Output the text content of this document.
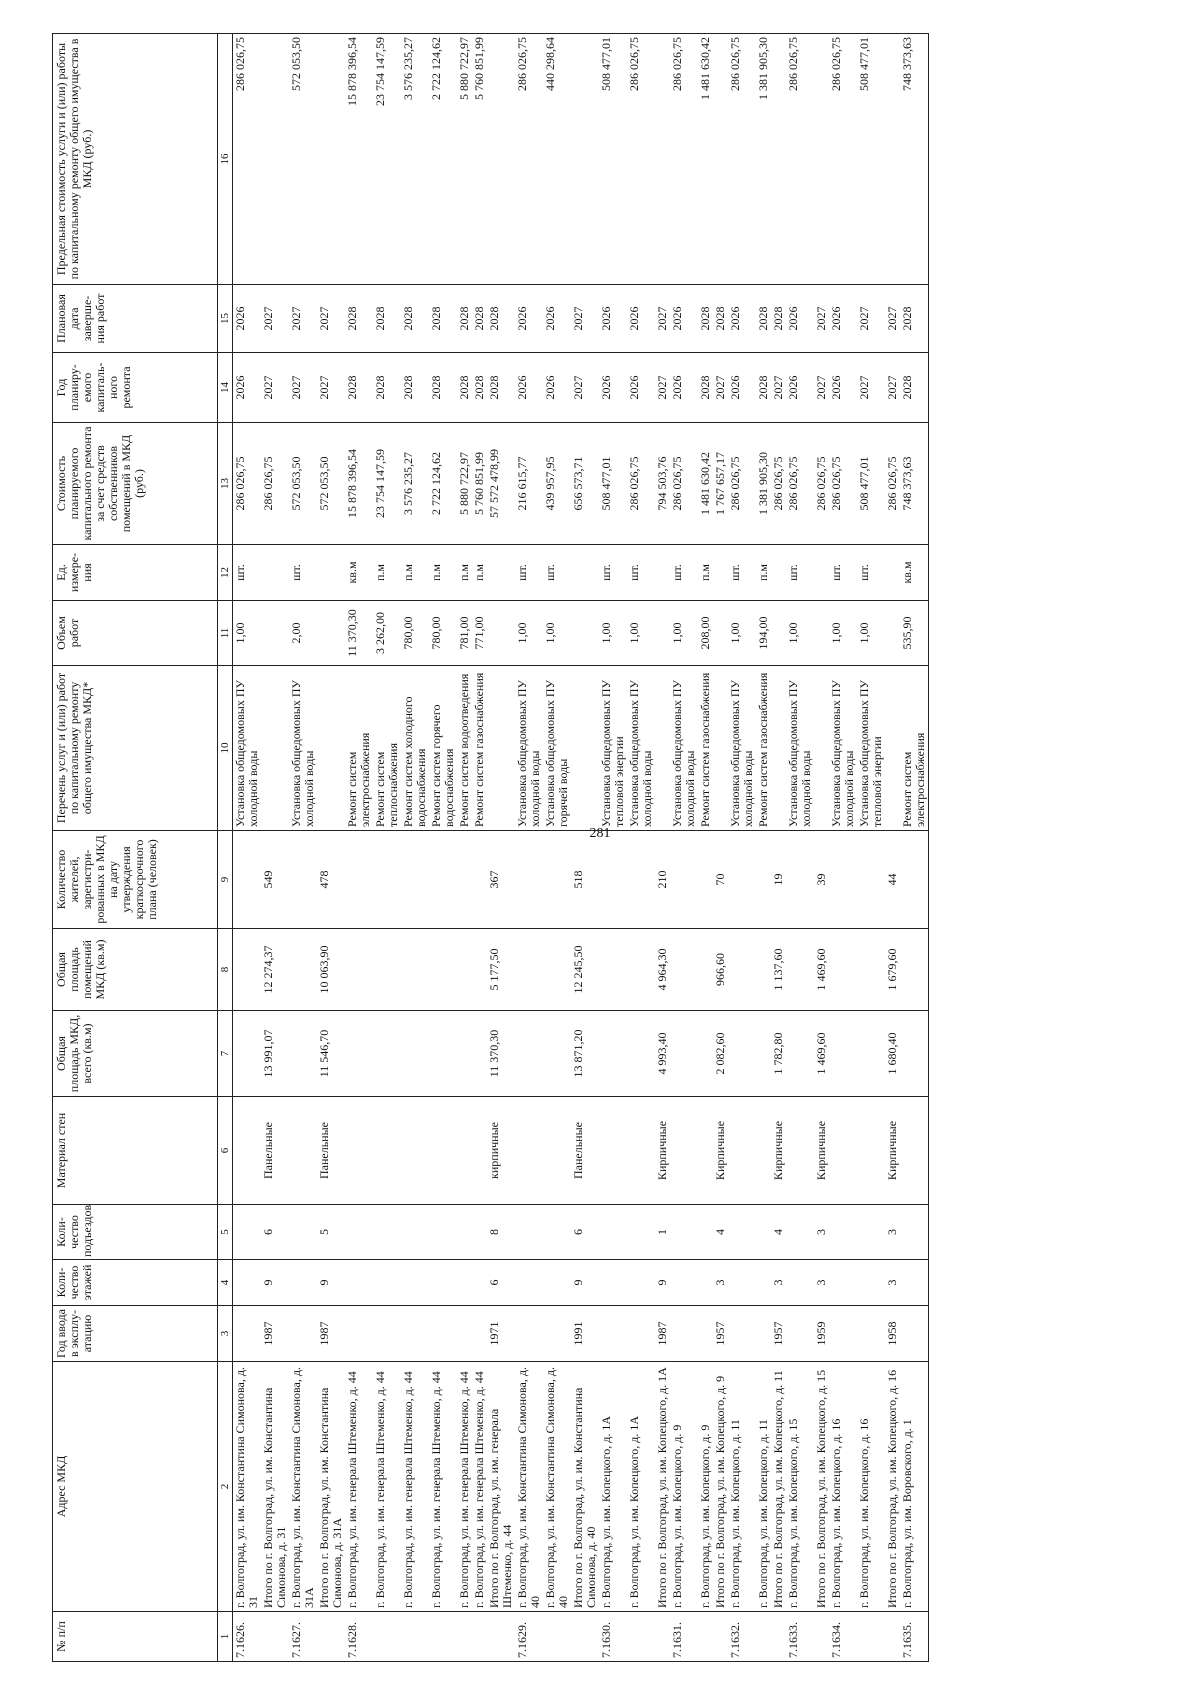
281
№ п/п	Адрес МКД	Год ввода в эксплу-атацию	Коли-чество этажей	Коли-чество подъездов	Материал стен	Общая площадь МКД, всего (кв.м)	Общая площадь помещений МКД (кв.м)	Количество жителей, зарегистри-рованных в МКД на дату утверждения краткосрочного плана (человек)	Перечень услуг и (или) работ по капитальному ремонту общего имущества МКД*	Объем работ	Ед. измере-ния	Стоимость планируемого капитального ремонта за счет средств собственников помещений в МКД (руб.)	Год планиру-емого капиталь-ного ремонта	Плановая дата заверше-ния работ	Предельная стоимость услуги и (или) работы по капитальному ремонту общего имущества в МКД (руб.)
1	2	3	4	5	6	7	8	9	10	11	12	13	14	15	16
7.1626.	г. Волгоград, ул. им. Константина Симонова, д. 31								Установка общедомовых ПУ холодной воды	1,00	шт.	286 026,75	2026	2026	286 026,75
	Итого по г. Волгоград, ул. им. Константина Симонова, д. 31	1987	9	6	Панельные	13 991,07	12 274,37	549				286 026,75	2027	2027	
7.1627.	г. Волгоград, ул. им. Константина Симонова, д. 31А								Установка общедомовых ПУ холодной воды	2,00	шт.	572 053,50	2027	2027	572 053,50
	Итого по г. Волгоград, ул. им. Константина Симонова, д. 31А	1987	9	5	Панельные	11 546,70	10 063,90	478				572 053,50	2027	2027	
7.1628.	г. Волгоград, ул. им. генерала Штеменко, д. 44								Ремонт систем электроснабжения	11 370,30	кв.м	15 878 396,54	2028	2028	15 878 396,54
	г. Волгоград, ул. им. генерала Штеменко, д. 44								Ремонт систем теплоснабжения	3 262,00	п.м	23 754 147,59	2028	2028	23 754 147,59
	г. Волгоград, ул. им. генерала Штеменко, д. 44								Ремонт систем холодного водоснабжения	780,00	п.м	3 576 235,27	2028	2028	3 576 235,27
	г. Волгоград, ул. им. генерала Штеменко, д. 44								Ремонт систем горячего водоснабжения	780,00	п.м	2 722 124,62	2028	2028	2 722 124,62
	г. Волгоград, ул. им. генерала Штеменко, д. 44								Ремонт систем водоотведения	781,00	п.м	5 880 722,97	2028	2028	5 880 722,97
	г. Волгоград, ул. им. генерала Штеменко, д. 44								Ремонт систем газоснабжения	771,00	п.м	5 760 851,99	2028	2028	5 760 851,99
	Итого по г. Волгоград, ул. им. генерала Штеменко, д. 44	1971	6	8	кирпичные	11 370,30	5 177,50	367				57 572 478,99	2028	2028	
7.1629.	г. Волгоград, ул. им. Константина Симонова, д. 40								Установка общедомовых ПУ холодной воды	1,00	шт.	216 615,77	2026	2026	286 026,75
	г. Волгоград, ул. им. Константина Симонова, д. 40								Установка общедомовых ПУ горячей воды	1,00	шт.	439 957,95	2026	2026	440 298,64
	Итого по г. Волгоград, ул. им. Константина Симонова, д. 40	1991	9	6	Панельные	13 871,20	12 245,50	518				656 573,71	2027	2027	
7.1630.	г. Волгоград, ул. им. Копецкого, д. 1А								Установка общедомовых ПУ тепловой энергии	1,00	шт.	508 477,01	2026	2026	508 477,01
	г. Волгоград, ул. им. Копецкого, д. 1А								Установка общедомовых ПУ холодной воды	1,00	шт.	286 026,75	2026	2026	286 026,75
	Итого по г. Волгоград, ул. им. Копецкого, д. 1А	1987	9	1	Кирпичные	4 993,40	4 964,30	210				794 503,76	2027	2027	
7.1631.	г. Волгоград, ул. им. Копецкого, д. 9								Установка общедомовых ПУ холодной воды	1,00	шт.	286 026,75	2026	2026	286 026,75
	г. Волгоград, ул. им. Копецкого, д. 9								Ремонт систем газоснабжения	208,00	п.м	1 481 630,42	2028	2028	1 481 630,42
	Итого по г. Волгоград, ул. им. Копецкого, д. 9	1957	3	4	Кирпичные	2 082,60	966,60	70				1 767 657,17	2027	2028	
7.1632.	г. Волгоград, ул. им. Копецкого, д. 11								Установка общедомовых ПУ холодной воды	1,00	шт.	286 026,75	2026	2026	286 026,75
	г. Волгоград, ул. им. Копецкого, д. 11								Ремонт систем газоснабжения	194,00	п.м	1 381 905,30	2028	2028	1 381 905,30
	Итого по г. Волгоград, ул. им. Копецкого, д. 11	1957	3	4	Кирпичные	1 782,80	1 137,60	19				286 026,75	2027	2028	
7.1633.	г. Волгоград, ул. им. Копецкого, д. 15								Установка общедомовых ПУ холодной воды	1,00	шт.	286 026,75	2026	2026	286 026,75
	Итого по г. Волгоград, ул. им. Копецкого, д. 15	1959	3	3	Кирпичные	1 469,60	1 469,60	39				286 026,75	2027	2027	
7.1634.	г. Волгоград, ул. им. Копецкого, д. 16								Установка общедомовых ПУ холодной воды	1,00	шт.	286 026,75	2026	2026	286 026,75
	г. Волгоград, ул. им. Копецкого, д. 16								Установка общедомовых ПУ тепловой энергии	1,00	шт.	508 477,01	2027	2027	508 477,01
	Итого по г. Волгоград, ул. им. Копецкого, д. 16	1958	3	3	Кирпичные	1 680,40	1 679,60	44				286 026,75	2027	2027	
7.1635.	г. Волгоград, ул. им. Воровского, д. 1								Ремонт систем электроснабжения	535,90	кв.м	748 373,63	2028	2028	748 373,63
